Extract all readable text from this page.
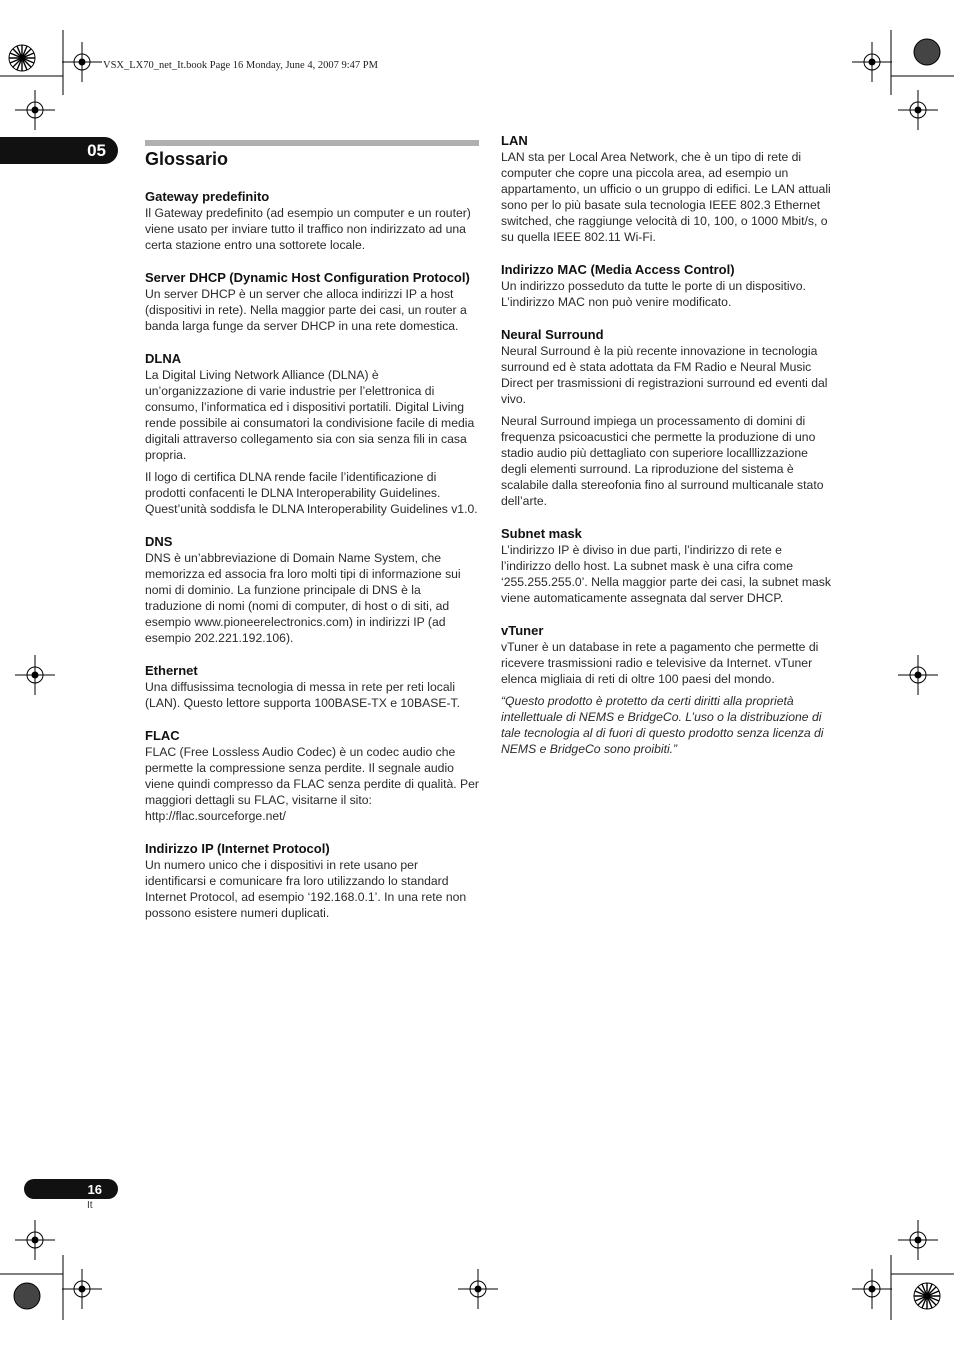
VSX_LX70_net_It.book Page 16 Monday, June 4, 2007 9:47 PM
05 Glossario
Gateway predefinito

Il Gateway predefinito (ad esempio un computer e un router) viene usato per inviare tutto il traffico non indirizzato ad una certa stazione entro una sottorete locale.

Server DHCP (Dynamic Host Configuration Protocol)

Un server DHCP è un server che alloca indirizzi IP a host (dispositivi in rete). Nella maggior parte dei casi, un router a banda larga funge da server DHCP in una rete domestica.

DLNA

La Digital Living Network Alliance (DLNA) è un’organizzazione di varie industrie per l’elettronica di consumo, l’informatica ed i dispositivi portatili. Digital Living rende possibile ai consumatori la condivisione facile di media digitali attraverso collegamento sia con sia senza fili in casa propria.

Il logo di certifica DLNA rende facile l’identificazione di prodotti confacenti le DLNA Interoperability Guidelines. Quest’unità soddisfa le DLNA Interoperability Guidelines v1.0.

DNS

DNS è un’abbreviazione di Domain Name System, che memorizza ed associa fra loro molti tipi di informazione sui nomi di dominio. La funzione principale di DNS è la traduzione di nomi (nomi di computer, di host o di siti, ad esempio www.pioneerelectronics.com) in indirizzi IP (ad esempio 202.221.192.106).

Ethernet

Una diffusissima tecnologia di messa in rete per reti locali (LAN). Questo lettore supporta 100BASE-TX e 10BASE-T.

FLAC

FLAC (Free Lossless Audio Codec) è un codec audio che permette la compressione senza perdite. Il segnale audio viene quindi compresso da FLAC senza perdite di qualità. Per maggiori dettagli su FLAC, visitarne il sito: http://flac.sourceforge.net/

Indirizzo IP (Internet Protocol)

Un numero unico che i dispositivi in rete usano per identificarsi e comunicare fra loro utilizzando lo standard Internet Protocol, ad esempio ‘192.168.0.1’. In una rete non possono esistere numeri duplicati.

LAN

LAN sta per Local Area Network, che è un tipo di rete di computer che copre una piccola area, ad esempio un appartamento, un ufficio o un gruppo di edifici. Le LAN attuali sono per lo più basate sula tecnologia IEEE 802.3 Ethernet switched, che raggiunge velocità di 10, 100, o 1000 Mbit/s, o su quella IEEE 802.11 Wi-Fi.

Indirizzo MAC (Media Access Control)

Un indirizzo posseduto da tutte le porte di un dispositivo. L’indirizzo MAC non può venire modificato.

Neural Surround

Neural Surround è la più recente innovazione in tecnologia surround ed è stata adottata da FM Radio e Neural Music Direct per trasmissioni di registrazioni surround ed eventi dal vivo.

Neural Surround impiega un processamento di domini di frequenza psicoacustici che permette la produzione di uno stadio audio più dettagliato con superiore localllizzazione degli elementi surround. La riproduzione del sistema è scalabile dalla stereofonia fino al surround multicanale stato dell’arte.

Subnet mask

L’indirizzo IP è diviso in due parti, l’indirizzo di rete e l’indirizzo dello host. La subnet mask è una cifra come ‘255.255.255.0’. Nella maggior parte dei casi, la subnet mask viene automaticamente assegnata dal server DHCP.

vTuner

vTuner è un database in rete a pagamento che permette di ricevere trasmissioni radio e televisive da Internet. vTuner elenca migliaia di reti di oltre 100 paesi del mondo.

“Questo prodotto è protetto da certi diritti alla proprietà intellettuale di NEMS e BridgeCo. L’uso o la distribuzione di tale tecnologia al di fuori di questo prodotto senza licenza di NEMS e BridgeCo sono proibiti.”

16
It
